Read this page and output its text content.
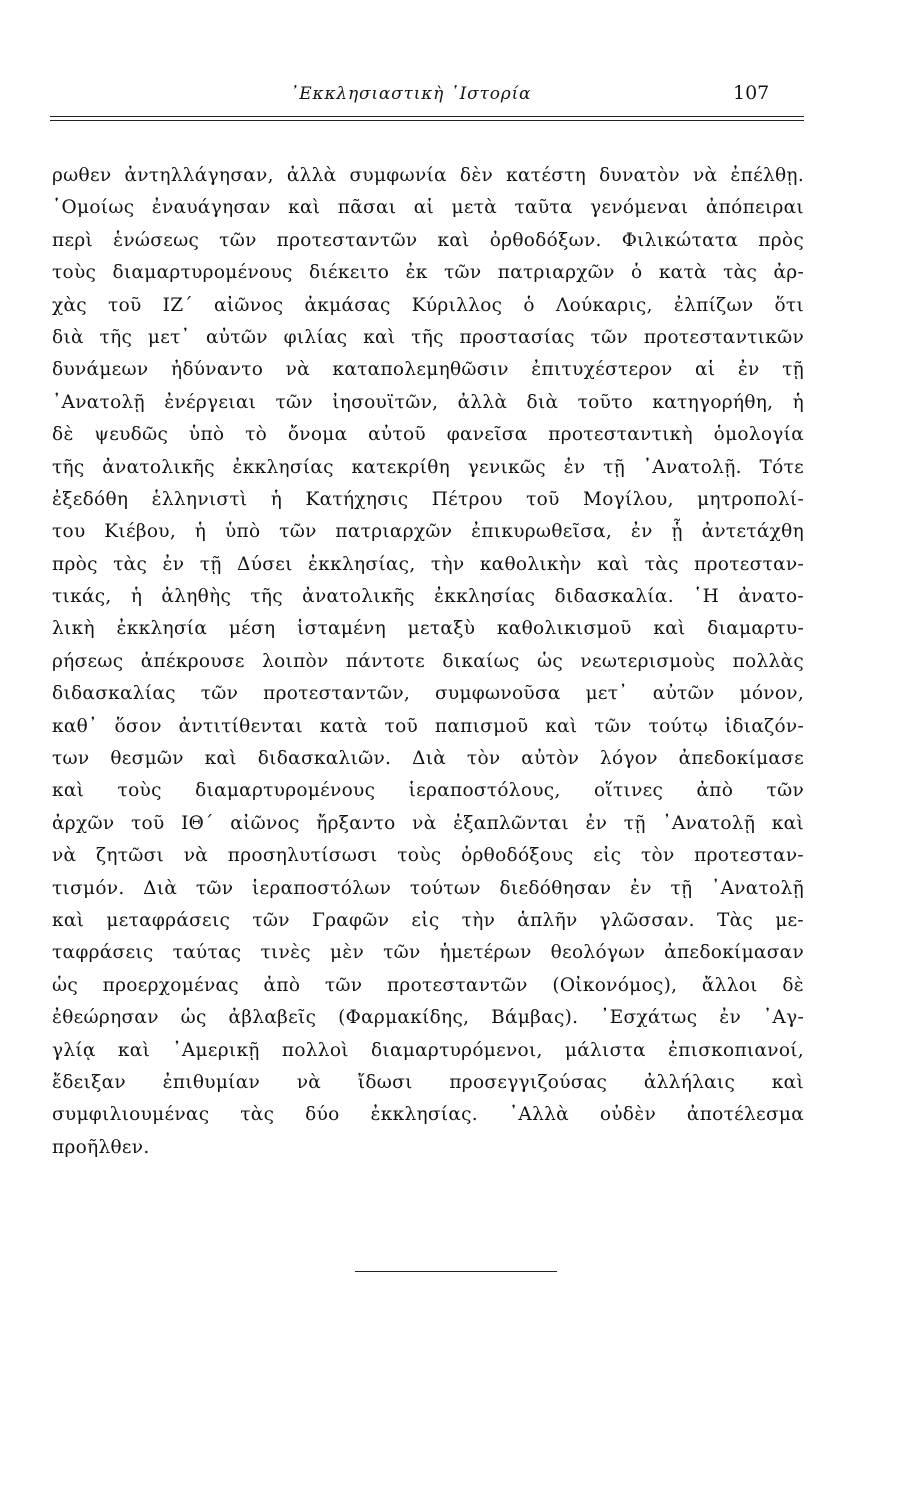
᾿Εκκλησιαστικὴ ῾Ιστορία	107
ρωθεν ἀντηλλάγησαν, ἀλλὰ συμφωνία δὲν κατέστη δυνατὸν νὰ ἐπέλθῃ.
῾Ομοίως ἐναυάγησαν καὶ πᾶσαι αἱ μετὰ ταῦτα γενόμεναι ἀπόπειραι
περὶ ἑνώσεως τῶν προτεσταντῶν καὶ ὀρθοδόξων. Φιλικώτατα πρὸς
τοὺς διαμαρτυρομένους διέκειτο ἐκ τῶν πατριαρχῶν ὁ κατὰ τὰς ἀρ-
χὰς τοῦ ΙΖ΄ αἰῶνος ἀκμάσας Κύριλλος ὁ Λούκαρις, ἐλπίζων ὅτι
διὰ τῆς μετ᾿ αὐτῶν φιλίας καὶ τῆς προστασίας τῶν προτεσταντικῶν
δυνάμεων ἠδύναντο νὰ καταπολεμηθῶσιν ἐπιτυχέστερον αἱ ἐν τῇ
᾿Ανατολῇ ἐνέργειαι τῶν ἰησουϊτῶν, ἀλλὰ διὰ τοῦτο κατηγορήθη, ἡ
δὲ ψευδῶς ὑπὸ τὸ ὄνομα αὐτοῦ φανεῖσα προτεσταντικὴ ὁμολογία
τῆς ἀνατολικῆς ἐκκλησίας κατεκρίθη γενικῶς ἐν τῇ ᾿Ανατολῇ. Τότε
ἐξεδόθη ἑλληνιστὶ ἡ Κατήχησις Πέτρου τοῦ Μογίλου, μητροπολί-
του Κιέβου, ἡ ὑπὸ τῶν πατριαρχῶν ἐπικυρωθεῖσα, ἐν ᾗ ἀντετάχθη
πρὸς τὰς ἐν τῇ Δύσει ἐκκλησίας, τὴν καθολικὴν καὶ τὰς προτεσταν-
τικάς, ἡ ἀληθὴς τῆς ἀνατολικῆς ἐκκλησίας διδασκαλία. ῾Η ἀνατο-
λικὴ ἐκκλησία μέση ἱσταμένη μεταξὺ καθολικισμοῦ καὶ διαμαρτυ-
ρήσεως ἀπέκρουσε λοιπὸν πάντοτε δικαίως ὡς νεωτερισμοὺς πολλὰς
διδασκαλίας τῶν προτεσταντῶν, συμφωνοῦσα μετ᾿ αὐτῶν μόνον,
καθ᾿ ὅσον ἀντιτίθενται κατὰ τοῦ παπισμοῦ καὶ τῶν τούτῳ ἰδιαζόν-
των θεσμῶν καὶ διδασκαλιῶν. Διὰ τὸν αὐτὸν λόγον ἀπεδοκίμασε
καὶ τοὺς διαμαρτυρομένους ἱεραποστόλους, οἵτινες ἀπὸ τῶν
ἀρχῶν τοῦ ΙΘ΄ αἰῶνος ἤρξαντο νὰ ἐξαπλῶνται ἐν τῇ ᾿Ανατολῇ καὶ
νὰ ζητῶσι νὰ προσηλυτίσωσι τοὺς ὀρθοδόξους εἰς τὸν προτεσταν-
τισμόν. Διὰ τῶν ἱεραποστόλων τούτων διεδόθησαν ἐν τῇ ᾿Ανατολῇ
καὶ μεταφράσεις τῶν Γραφῶν εἰς τὴν ἁπλῆν γλῶσσαν. Τὰς με-
ταφράσεις ταύτας τινὲς μὲν τῶν ἡμετέρων θεολόγων ἀπεδοκίμασαν
ὡς προερχομένας ἀπὸ τῶν προτεσταντῶν (Οἰκονόμος), ἄλλοι δὲ
ἐθεώρησαν ὡς ἀβλαβεῖς (Φαρμακίδης, Βάμβας). ᾿Εσχάτως ἐν ᾿Αγ-
γλίᾳ καὶ ᾿Αμερικῇ πολλοὶ διαμαρτυρόμενοι, μάλιστα ἐπισκοπιανοί,
ἔδειξαν ἐπιθυμίαν νὰ ἴδωσι προσεγγιζούσας ἀλλήλαις καὶ
συμφιλιουμένας τὰς δύο ἐκκλησίας. ᾿Αλλὰ οὐδὲν ἀποτέλεσμα
προῆλθεν.
